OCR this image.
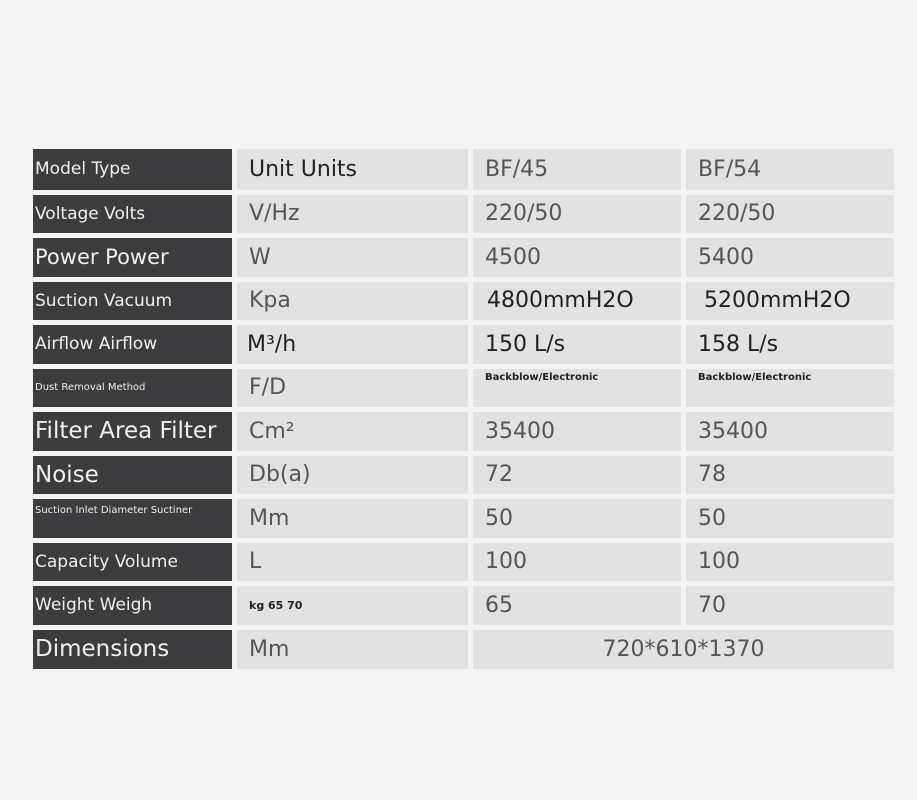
Model Type	Unit Units	BF/45	BF/54
Voltage Volts	V/Hz	220/50	220/50
Power Power	W	4500	5400
Suction Vacuum	Kpa	4800mmH2O	5200mmH2O
Airflow Airflow	M³/h	150 L/s	158 L/s
Dust Removal Method	F/D	Backblow/Electronic	Backblow/Electronic
Filter Area Filter	Cm²	35400	35400
Noise	Db(a)	72	78
Suction Inlet Diameter Suctiner	Mm	50	50
Capacity Volume	L	100	100
Weight Weigh	kg 65 70	65	70
Dimensions	Mm	720*610*1370	
